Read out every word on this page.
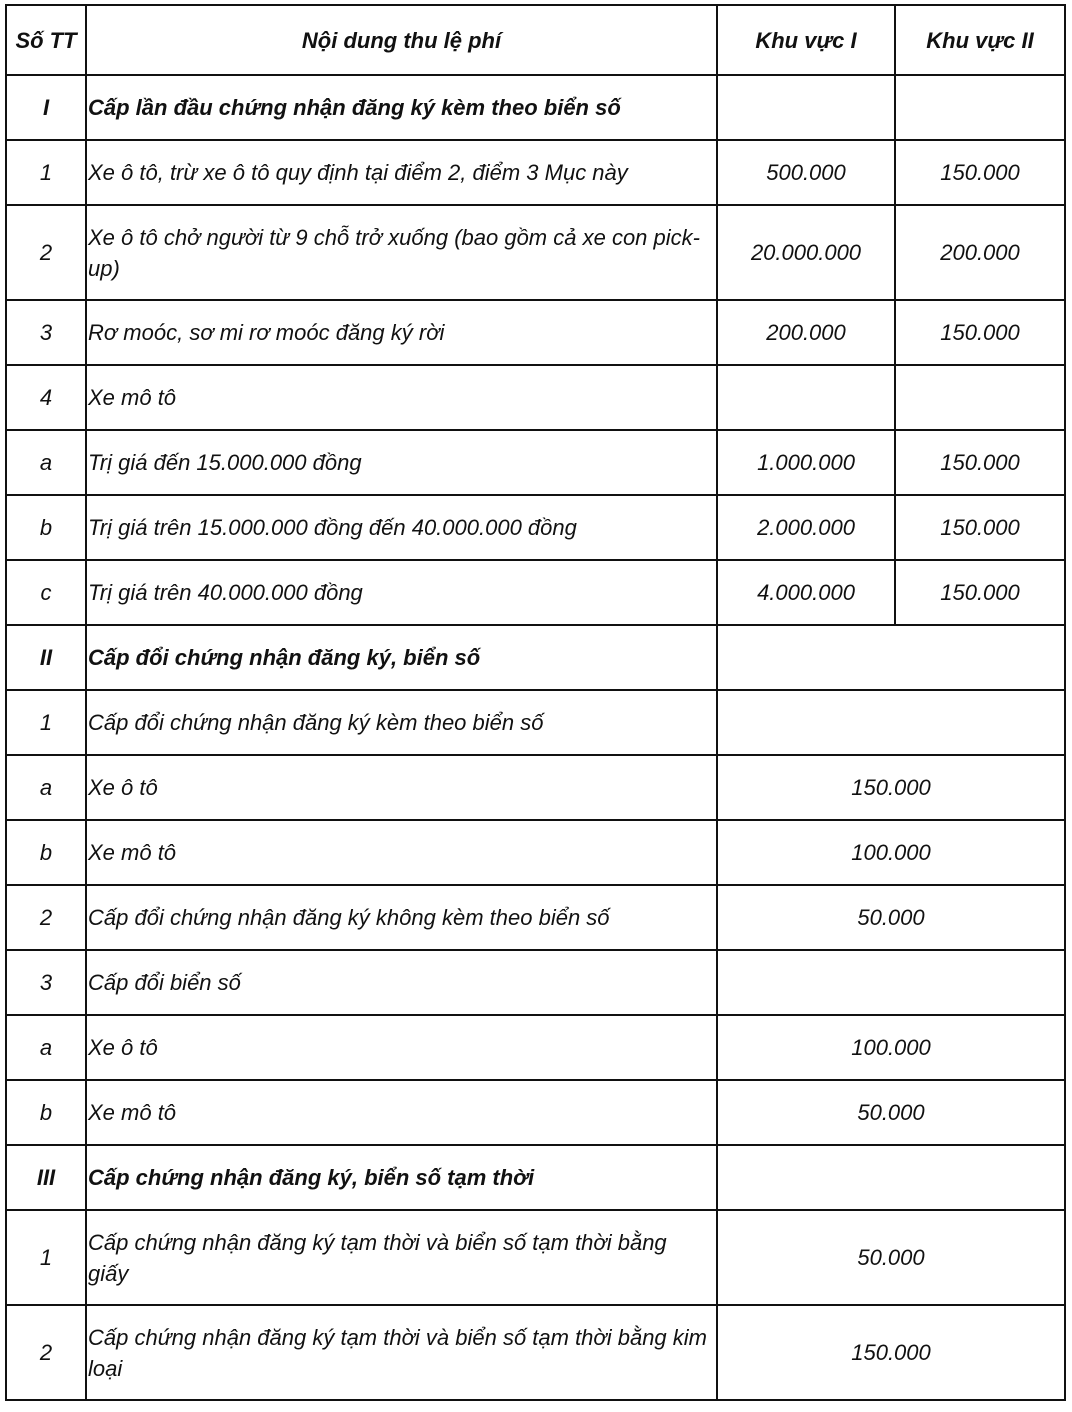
Số TT	Nội dung thu lệ phí	Khu vực I	Khu vực II
I	Cấp lần đầu chứng nhận đăng ký kèm theo biển số		
1	Xe ô tô, trừ xe ô tô quy định tại điểm 2, điểm 3 Mục này	500.000	150.000
2	Xe ô tô chở người từ 9 chỗ trở xuống (bao gồm cả xe con pick-up)	20.000.000	200.000
3	Rơ moóc, sơ mi rơ moóc đăng ký rời	200.000	150.000
4	Xe mô tô		
a	Trị giá đến 15.000.000 đồng	1.000.000	150.000
b	Trị giá trên 15.000.000 đồng đến 40.000.000 đồng	2.000.000	150.000
c	Trị giá trên 40.000.000 đồng	4.000.000	150.000
II	Cấp đổi chứng nhận đăng ký, biển số		
1	Cấp đổi chứng nhận đăng ký kèm theo biển số		
a	Xe ô tô	150.000	
b	Xe mô tô	100.000	
2	Cấp đổi chứng nhận đăng ký không kèm theo biển số	50.000	
3	Cấp đổi biển số		
a	Xe ô tô	100.000	
b	Xe mô tô	50.000	
III	Cấp chứng nhận đăng ký, biển số tạm thời		
1	Cấp chứng nhận đăng ký tạm thời và biển số tạm thời bằng giấy	50.000	
2	Cấp chứng nhận đăng ký tạm thời và biển số tạm thời bằng kim loại	150.000	
